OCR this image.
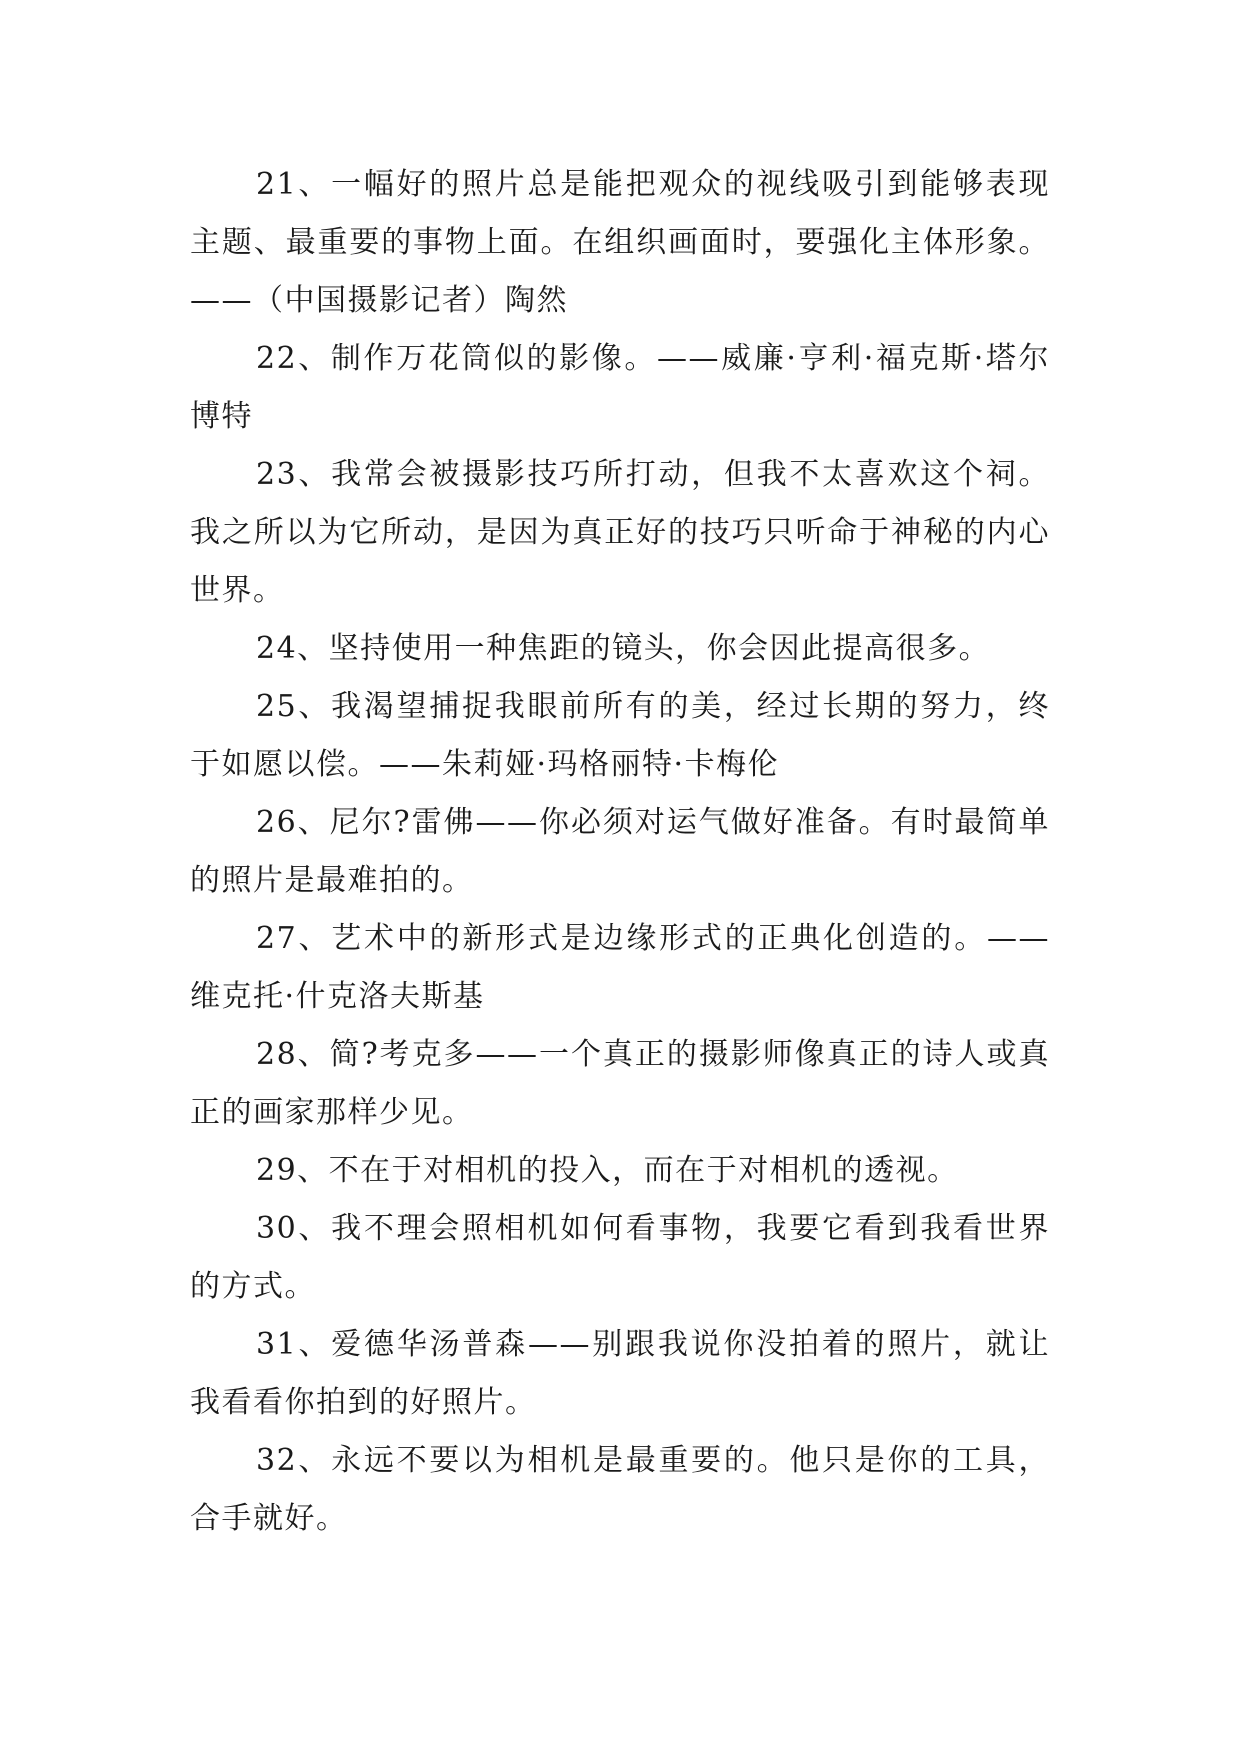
21、一幅好的照片总是能把观众的视线吸引到能够表现主题、最重要的事物上面。在组织画面时，要强化主体形象。——（中国摄影记者）陶然

22、制作万花筒似的影像。——威廉·亨利·福克斯·塔尔博特

23、我常会被摄影技巧所打动，但我不太喜欢这个祠。我之所以为它所动，是因为真正好的技巧只听命于神秘的内心世界。

24、坚持使用一种焦距的镜头，你会因此提高很多。

25、我渴望捕捉我眼前所有的美，经过长期的努力，终于如愿以偿。——朱莉娅·玛格丽特·卡梅伦

26、尼尔?雷佛——你必须对运气做好准备。有时最简单的照片是最难拍的。

27、艺术中的新形式是边缘形式的正典化创造的。——维克托·什克洛夫斯基

28、简?考克多——一个真正的摄影师像真正的诗人或真正的画家那样少见。

29、不在于对相机的投入，而在于对相机的透视。

30、我不理会照相机如何看事物，我要它看到我看世界的方式。

31、爱德华汤普森——别跟我说你没拍着的照片，就让我看看你拍到的好照片。

32、永远不要以为相机是最重要的。他只是你的工具，合手就好。
